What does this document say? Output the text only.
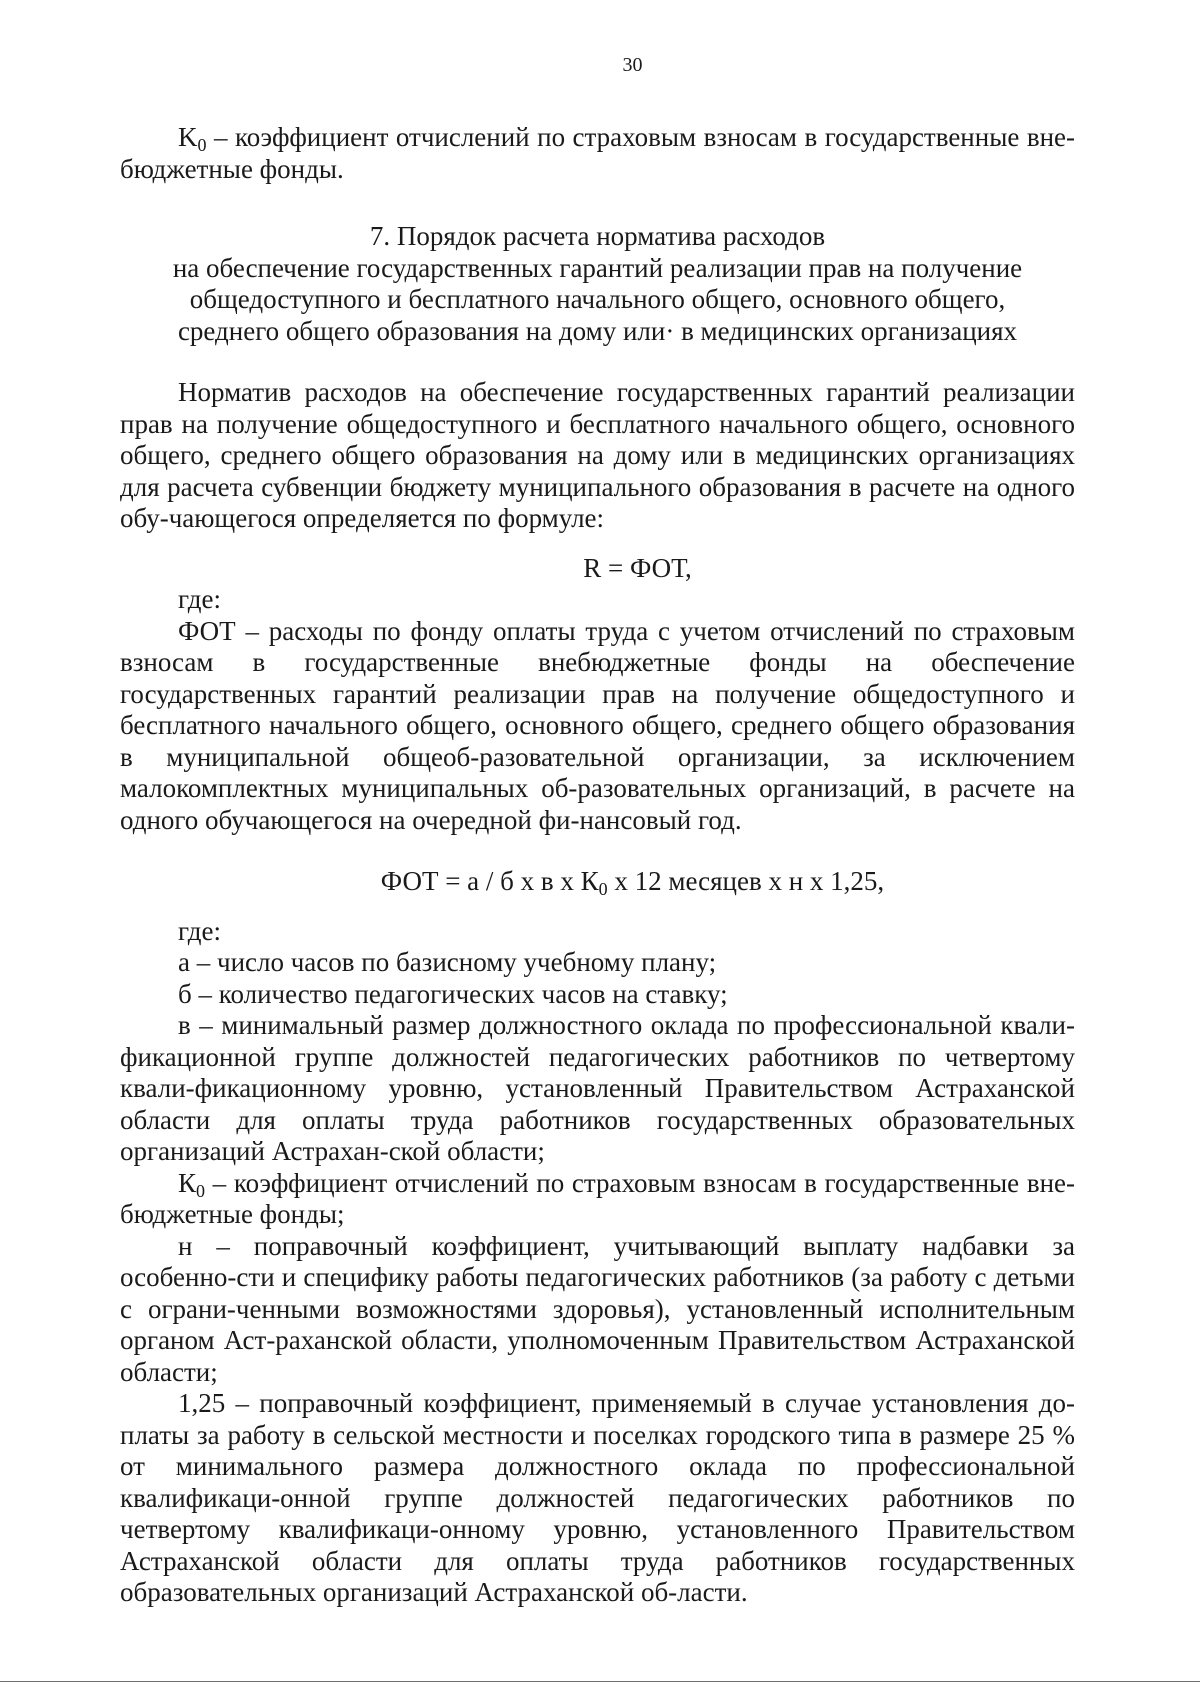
30

$K_0$ – коэффициент отчислений по страховым взносам в государственные вне-бюджетные фонды.

7. Порядок расчета норматива расходов
на обеспечение государственных гарантий реализации прав на получение
общедоступного и бесплатного начального общего, основного общего,
среднего общего образования на дому или· в медицинских организациях

Норматив расходов на обеспечение государственных гарантий реализации прав на получение общедоступного и бесплатного начального общего, основного общего, среднего общего образования на дому или в медицинских организациях для расчета субвенции бюджету муниципального образования в расчете на одного обу-чающегося определяется по формуле:

R = ФОТ,

где:

ФОТ – расходы по фонду оплаты труда с учетом отчислений по страховым взносам в государственные внебюджетные фонды на обеспечение государственных гарантий реализации прав на получение общедоступного и бесплатного начального общего, основного общего, среднего общего образования в муниципальной общеоб-разовательной организации, за исключением малокомплектных муниципальных об-разовательных организаций, в расчете на одного обучающегося на очередной фи-нансовый год.

ФОТ = а / б х в х $К_0$ х 12 месяцев х н х 1,25,

где:

а – число часов по базисному учебному плану;

б – количество педагогических часов на ставку;

в – минимальный размер должностного оклада по профессиональной квали-фикационной группе должностей педагогических работников по четвертому квали-фикационному уровню, установленный Правительством Астраханской области для оплаты труда работников государственных образовательных организаций Астрахан-ской области;

$К_0$ – коэффициент отчислений по страховым взносам в государственные вне-бюджетные фонды;

н – поправочный коэффициент, учитывающий выплату надбавки за особенно-сти и специфику работы педагогических работников (за работу с детьми с ограни-ченными возможностями здоровья), установленный исполнительным органом Аст-раханской области, уполномоченным Правительством Астраханской области;

1,25 – поправочный коэффициент, применяемый в случае установления до-платы за работу в сельской местности и поселках городского типа в размере 25 % от минимального размера должностного оклада по профессиональной квалификаци-онной группе должностей педагогических работников по четвертому квалификаци-онному уровню, установленного Правительством Астраханской области для оплаты труда работников государственных образовательных организаций Астраханской об-ласти.
